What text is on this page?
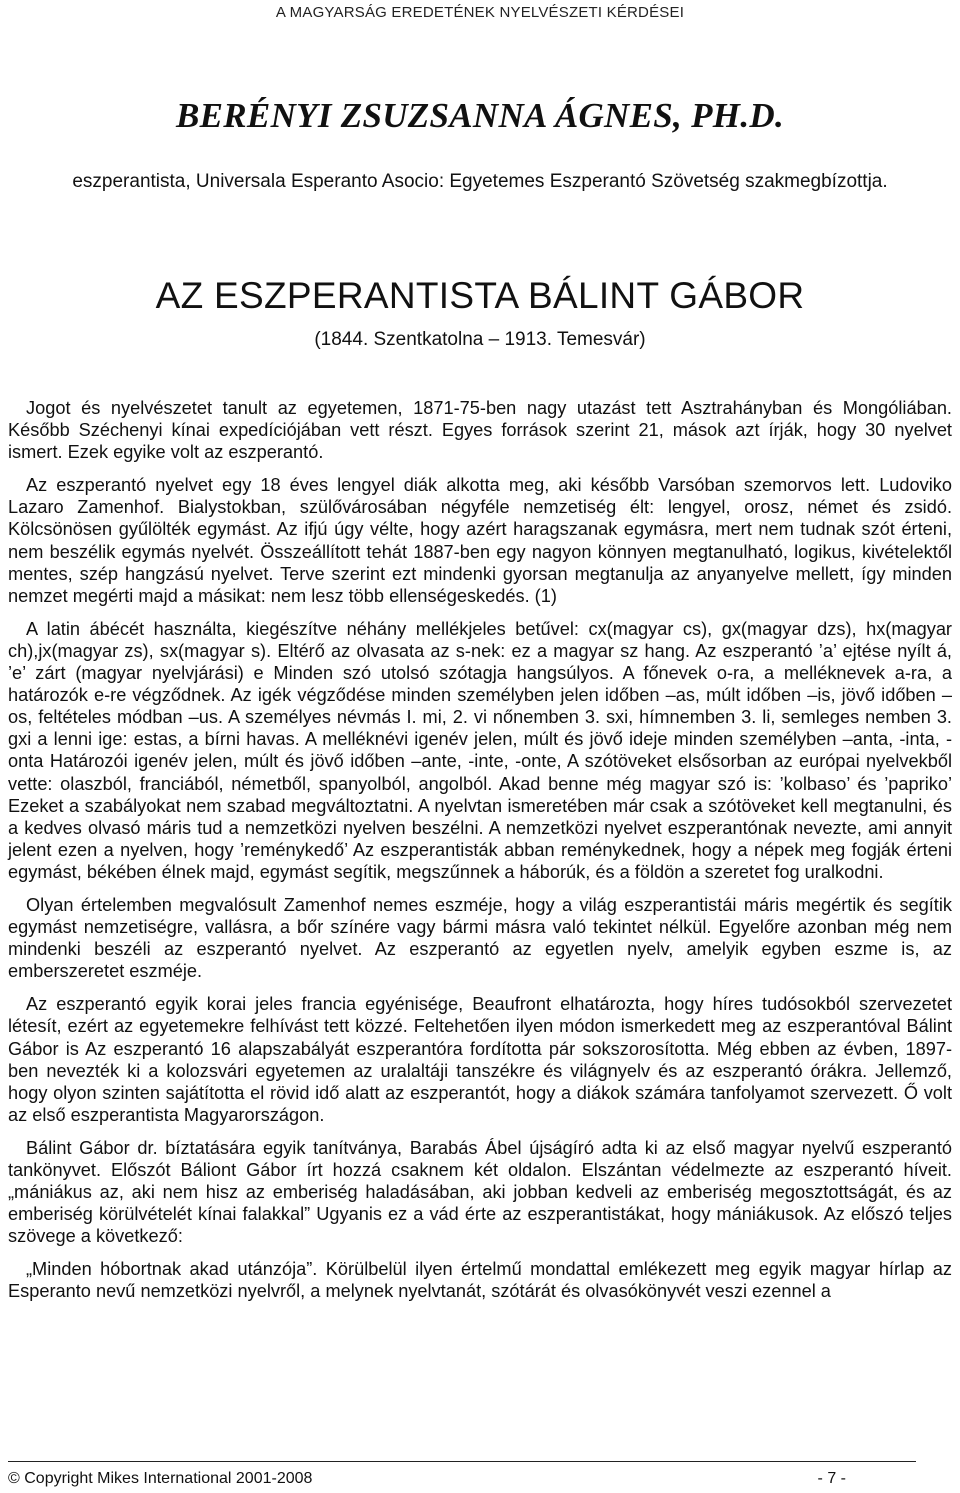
A MAGYARSÁG EREDETÉNEK NYELVÉSZETI KÉRDÉSEI
BERÉNYI ZSUZSANNA ÁGNES, PH.D.
eszperantista, Universala Esperanto Asocio: Egyetemes Eszperantó Szövetség szakmegbízottja.
AZ ESZPERANTISTA BÁLINT GÁBOR
(1844. Szentkatolna – 1913. Temesvár)

Jogot és nyelvészetet tanult az egyetemen, 1871-75-ben nagy utazást tett Asztrahányban és Mongóliában. Később Széchenyi kínai expedíciójában vett részt. Egyes források szerint 21, mások azt írják, hogy 30 nyelvet ismert. Ezek egyike volt az eszperantó.

Az eszperantó nyelvet egy 18 éves lengyel diák alkotta meg, aki később Varsóban szemorvos lett. Ludoviko Lazaro Zamenhof. Bialystokban, szülővárosában négyféle nemzetiség élt: lengyel, orosz, német és zsidó. Kölcsönösen gyűlölték egymást. Az ifjú úgy vélte, hogy azért haragszanak egymásra, mert nem tudnak szót érteni, nem beszélik egymás nyelvét. Összeállított tehát 1887-ben egy nagyon könnyen megtanulható, logikus, kivételektől mentes, szép hangzású nyelvet. Terve szerint ezt mindenki gyorsan megtanulja az anyanyelve mellett, így minden nemzet megérti majd a másikat: nem lesz több ellenségeskedés. (1)

A latin ábécét használta, kiegészítve néhány mellékjeles betűvel: cx(magyar cs), gx(magyar dzs), hx(magyar ch),jx(magyar zs), sx(magyar s). Eltérő az olvasata az s-nek: ez a magyar sz hang. Az eszperantó ’a’ ejtése nyílt á, ’e’ zárt (magyar nyelvjárási) e Minden szó utolsó szótagja hangsúlyos. A főnevek o-ra, a melléknevek a-ra, a határozók e-re végződnek. Az igék végződése minden személyben jelen időben –as, múlt időben –is, jövő időben –os, feltételes módban –us. A személyes névmás I. mi, 2. vi nőnemben 3. sxi, hímnemben 3. li, semleges nemben 3. gxi a lenni ige: estas, a bírni havas. A melléknévi igenév jelen, múlt és jövő ideje minden személyben –anta, -inta, -onta Határozói igenév jelen, múlt és jövő időben –ante, -inte, -onte, A szótöveket elsősorban az európai nyelvekből vette: olaszból, franciából, németből, spanyolból, angolból. Akad benne még magyar szó is: ’kolbaso’ és ’papriko’ Ezeket a szabályokat nem szabad megváltoztatni. A nyelvtan ismeretében már csak a szótöveket kell megtanulni, és a kedves olvasó máris tud a nemzetközi nyelven beszélni. A nemzetközi nyelvet eszperantónak nevezte, ami annyit jelent ezen a nyelven, hogy ’reménykedő’ Az eszperantisták abban reménykednek, hogy a népek meg fogják érteni egymást, békében élnek majd, egymást segítik, megszűnnek a háborúk, és a földön a szeretet fog uralkodni.

Olyan értelemben megvalósult Zamenhof nemes eszméje, hogy a világ eszperantistái máris megértik és segítik egymást nemzetiségre, vallásra, a bőr színére vagy bármi másra való tekintet nélkül. Egyelőre azonban még nem mindenki beszéli az eszperantó nyelvet. Az eszperantó az egyetlen nyelv, amelyik egyben eszme is, az emberszeretet eszméje.

Az eszperantó egyik korai jeles francia egyénisége, Beaufront elhatározta, hogy híres tudósokból szervezetet létesít, ezért az egyetemekre felhívást tett közzé. Feltehetően ilyen módon ismerkedett meg az eszperantóval Bálint Gábor is Az eszperantó 16 alapszabályát eszperantóra fordította pár sokszorosította. Még ebben az évben, 1897-ben nevezték ki a kolozsvári egyetemen az uralaltáji tanszékre és világnyelv és az eszperantó órákra. Jellemző, hogy olyon szinten sajátította el rövid idő alatt az eszperantót, hogy a diákok számára tanfolyamot szervezett. Ő volt az első eszperantista Magyarországon.

Bálint Gábor dr. bíztatására egyik tanítványa, Barabás Ábel újságíró adta ki az első magyar nyelvű eszperantó tankönyvet. Előszót Báliont Gábor írt hozzá csaknem két oldalon. Elszántan védelmezte az eszperantó híveit. „mániákus az, aki nem hisz az emberiség haladásában, aki jobban kedveli az emberiség megosztottságát, és az emberiség körülvételét kínai falakkal” Ugyanis ez a vád érte az eszperantistákat, hogy mániákusok. Az előszó teljes szövege a következő:

„Minden hóbortnak akad utánzója”. Körülbelül ilyen értelmű mondattal emlékezett meg egyik magyar hírlap az Esperanto nevű nemzetközi nyelvről, a melynek nyelvtanát, szótárát és olvasókönyvét veszi ezennel a

© Copyright Mikes International 2001-2008	- 7 -
